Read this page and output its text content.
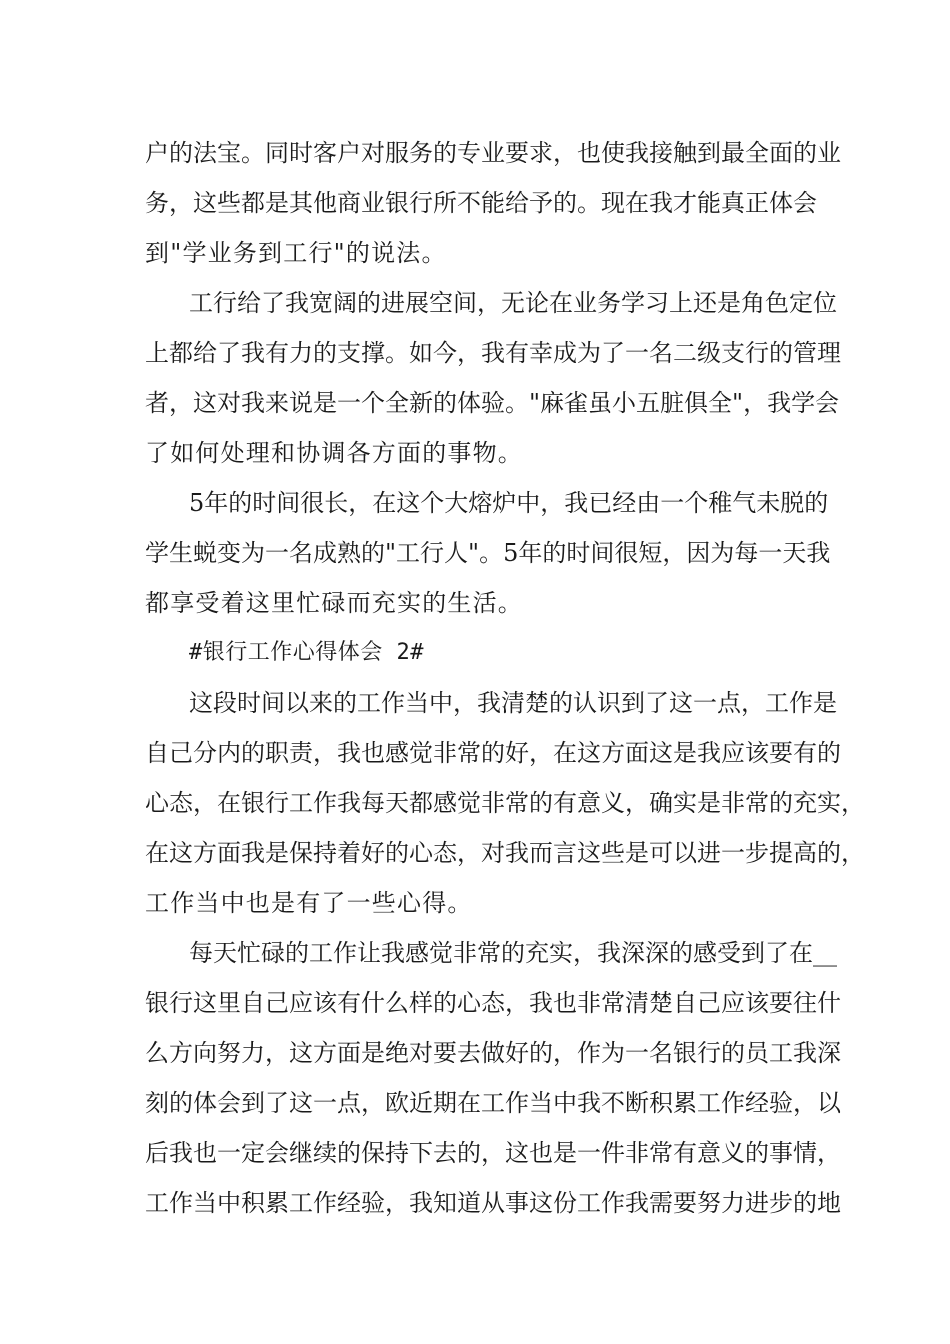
户的法宝。同时客户对服务的专业要求，也使我接触到最全面的业
务，这些都是其他商业银行所不能给予的。现在我才能真正体会
到"学业务到工行"的说法。
工行给了我宽阔的进展空间，无论在业务学习上还是角色定位
上都给了我有力的支撑。如今，我有幸成为了一名二级支行的管理
者，这对我来说是一个全新的体验。"麻雀虽小五脏俱全"，我学会
了如何处理和协调各方面的事物。
5年的时间很长，在这个大熔炉中，我已经由一个稚气未脱的
学生蜕变为一名成熟的"工行人"。5年的时间很短，因为每一天我
都享受着这里忙碌而充实的生活。
#银行工作心得体会 2#
这段时间以来的工作当中，我清楚的认识到了这一点，工作是
自己分内的职责，我也感觉非常的好，在这方面这是我应该要有的
心态，在银行工作我每天都感觉非常的有意义，确实是非常的充实，
在这方面我是保持着好的心态，对我而言这些是可以进一步提高的，
工作当中也是有了一些心得。
每天忙碌的工作让我感觉非常的充实，我深深的感受到了在__
银行这里自己应该有什么样的心态，我也非常清楚自己应该要往什
么方向努力，这方面是绝对要去做好的，作为一名银行的员工我深
刻的体会到了这一点，欧近期在工作当中我不断积累工作经验，以
后我也一定会继续的保持下去的，这也是一件非常有意义的事情，
工作当中积累工作经验，我知道从事这份工作我需要努力进步的地
